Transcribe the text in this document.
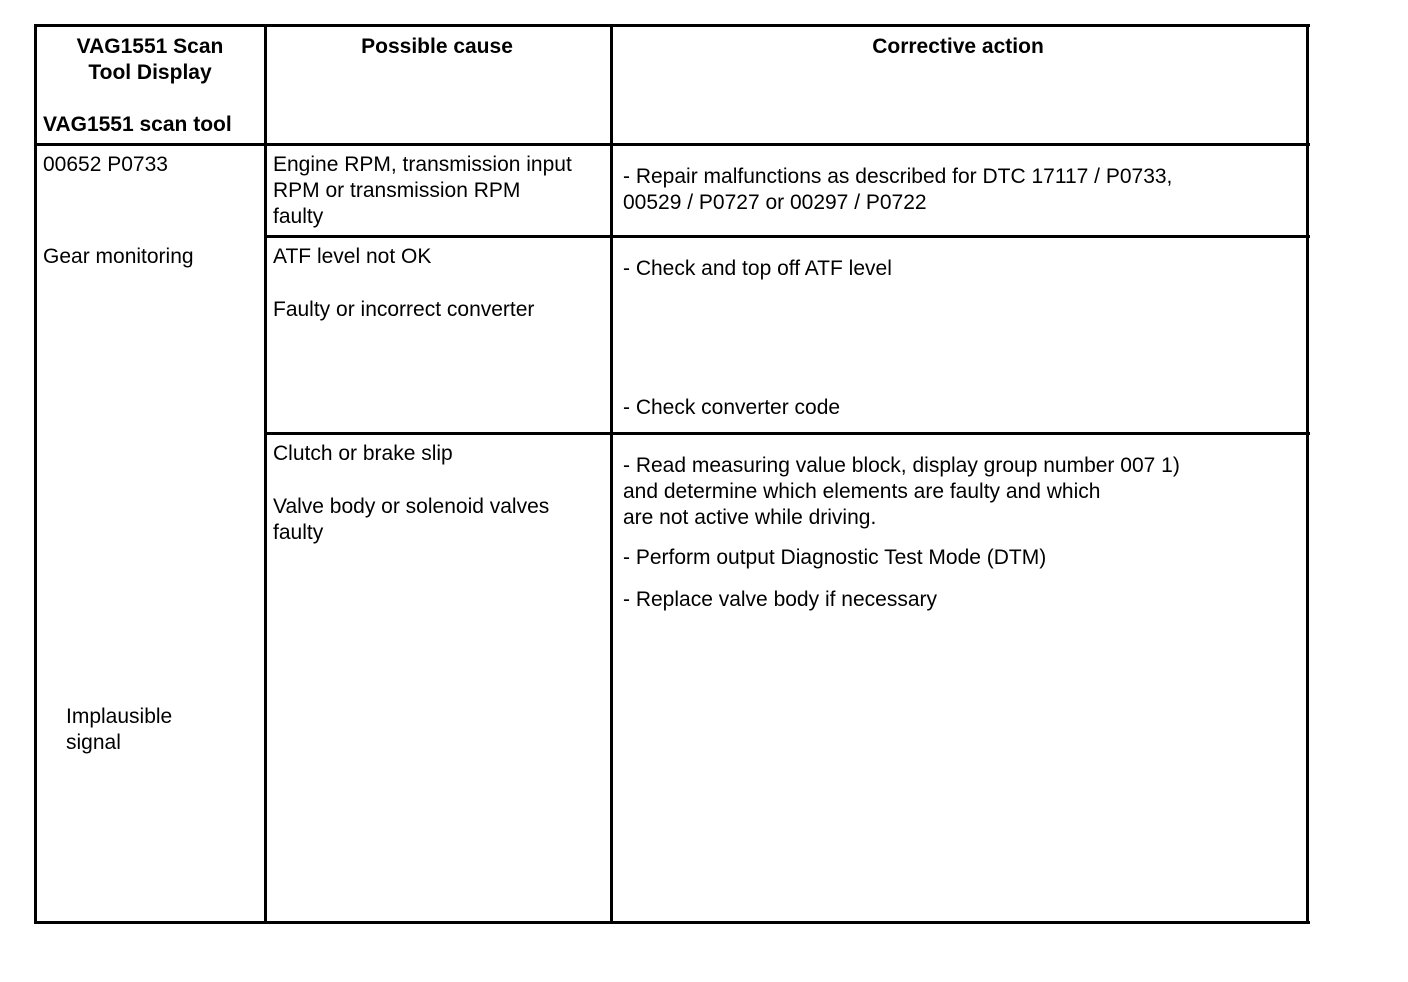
VAG1551 Scan
Tool Display
VAG1551 scan tool
Possible cause	Corrective action
00652 P0733
Gear monitoring
Implausible
signal
Engine RPM, transmission input
RPM or transmission RPM
faulty
- Repair malfunctions as described for DTC 17117 / P0733,
00529 / P0727 or 00297 / P0722
ATF level not OK
Faulty or incorrect converter
- Check and top off ATF level
- Check converter code
Clutch or brake slip
Valve body or solenoid valves
faulty
- Read measuring value block, display group number 007 1)
and determine which elements are faulty and which
are not active while driving.
- Perform output Diagnostic Test Mode (DTM)
- Replace valve body if necessary
